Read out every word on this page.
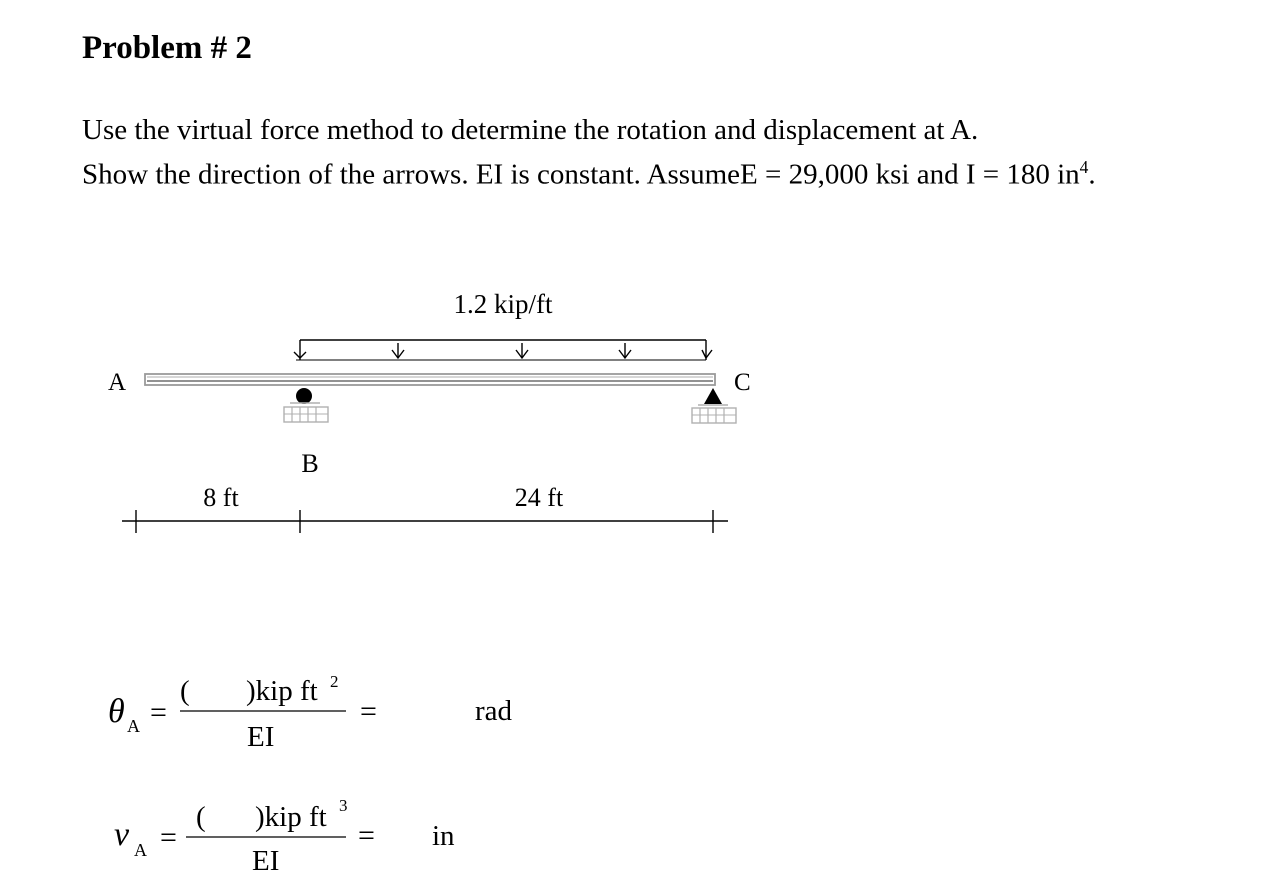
Problem # 2
Use the virtual force method to determine the rotation and displacement at A.
Show the direction of the arrows. EI is constant. AssumeE = 29,000 ksi and I = 180 $in^4$.
1.2 kip/ft
A	C
B
8 ft	24 ft
θ A =
( )kip ft 2
EI
=	rad
v A =
( )kip ft 3
EI
= in
